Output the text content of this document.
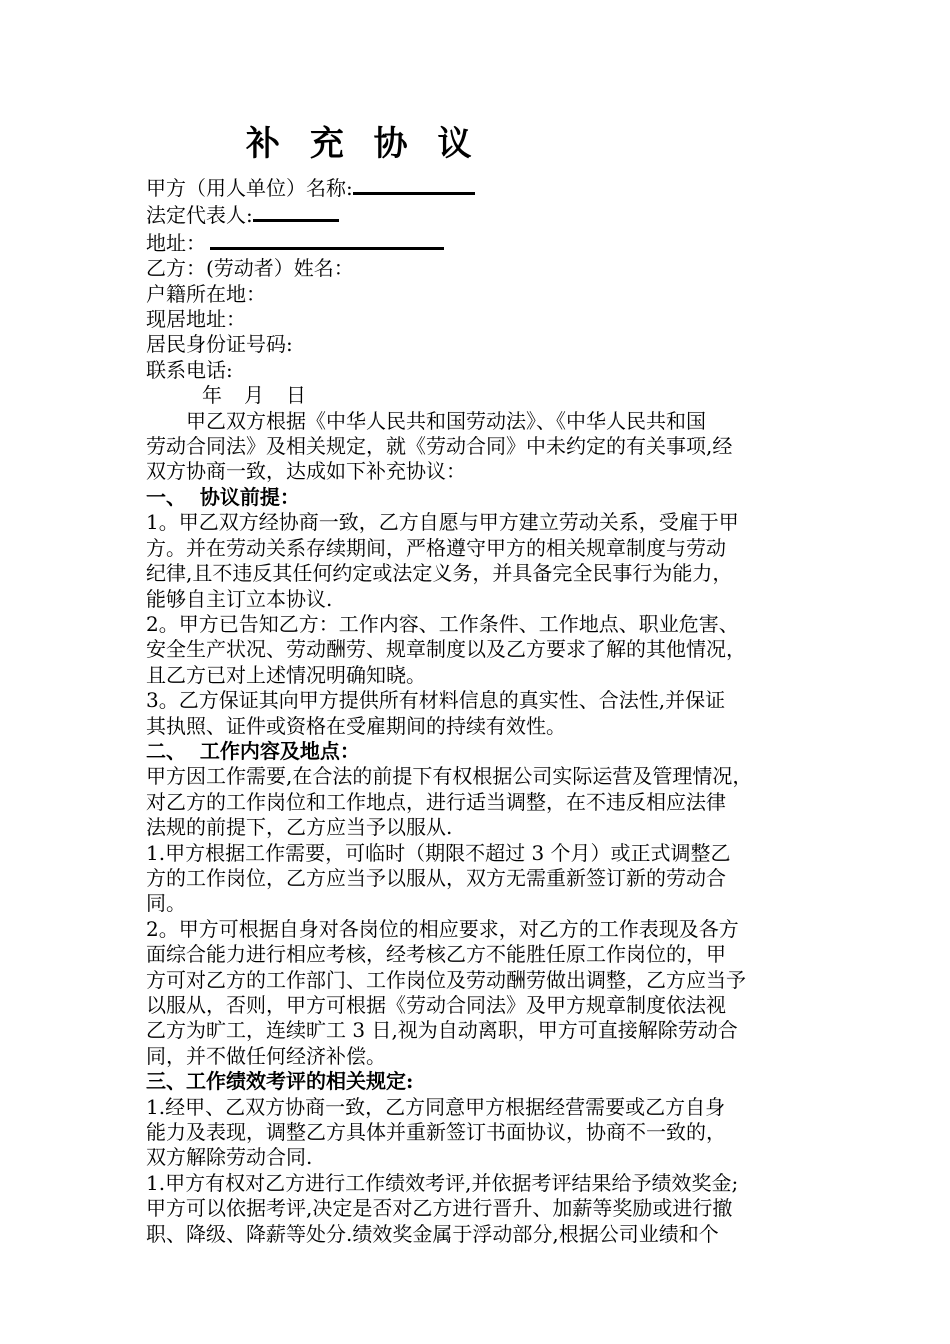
补 充 协 议
甲方（用人单位）名称:
法定代表人:
地址：
乙方：(劳动者）姓名：
户籍所在地：
现居地址：
居民身份证号码:
联系电话:
年 月 日
甲乙双方根据《中华人民共和国劳动法》、《中华人民共和国
劳动合同法》及相关规定，就《劳动合同》中未约定的有关事项,经
双方协商一致，达成如下补充协议：
一、  协议前提：
1。甲乙双方经协商一致，乙方自愿与甲方建立劳动关系，受雇于甲
方。并在劳动关系存续期间，严格遵守甲方的相关规章制度与劳动
纪律,且不违反其任何约定或法定义务，并具备完全民事行为能力，
能够自主订立本协议.
2。甲方已告知乙方：工作内容、工作条件、工作地点、职业危害、
安全生产状况、劳动酬劳、规章制度以及乙方要求了解的其他情况，
且乙方已对上述情况明确知晓。
3。乙方保证其向甲方提供所有材料信息的真实性、合法性,并保证
其执照、证件或资格在受雇期间的持续有效性。
二、  工作内容及地点：
甲方因工作需要,在合法的前提下有权根据公司实际运营及管理情况，
对乙方的工作岗位和工作地点，进行适当调整，在不违反相应法律
法规的前提下，乙方应当予以服从.
1.甲方根据工作需要，可临时（期限不超过 3 个月）或正式调整乙
方的工作岗位，乙方应当予以服从，双方无需重新签订新的劳动合
同。
2。甲方可根据自身对各岗位的相应要求，对乙方的工作表现及各方
面综合能力进行相应考核，经考核乙方不能胜任原工作岗位的，甲
方可对乙方的工作部门、工作岗位及劳动酬劳做出调整，乙方应当予
以服从，否则，甲方可根据《劳动合同法》及甲方规章制度依法视
乙方为旷工，连续旷工 3 日,视为自动离职，甲方可直接解除劳动合
同，并不做任何经济补偿。
三、工作绩效考评的相关规定:
1.经甲、乙双方协商一致，乙方同意甲方根据经营需要或乙方自身
能力及表现，调整乙方具体并重新签订书面协议，协商不一致的，
双方解除劳动合同.
1.甲方有权对乙方进行工作绩效考评,并依据考评结果给予绩效奖金;
甲方可以依据考评,决定是否对乙方进行晋升、加薪等奖励或进行撤
职、降级、降薪等处分.绩效奖金属于浮动部分,根据公司业绩和个
